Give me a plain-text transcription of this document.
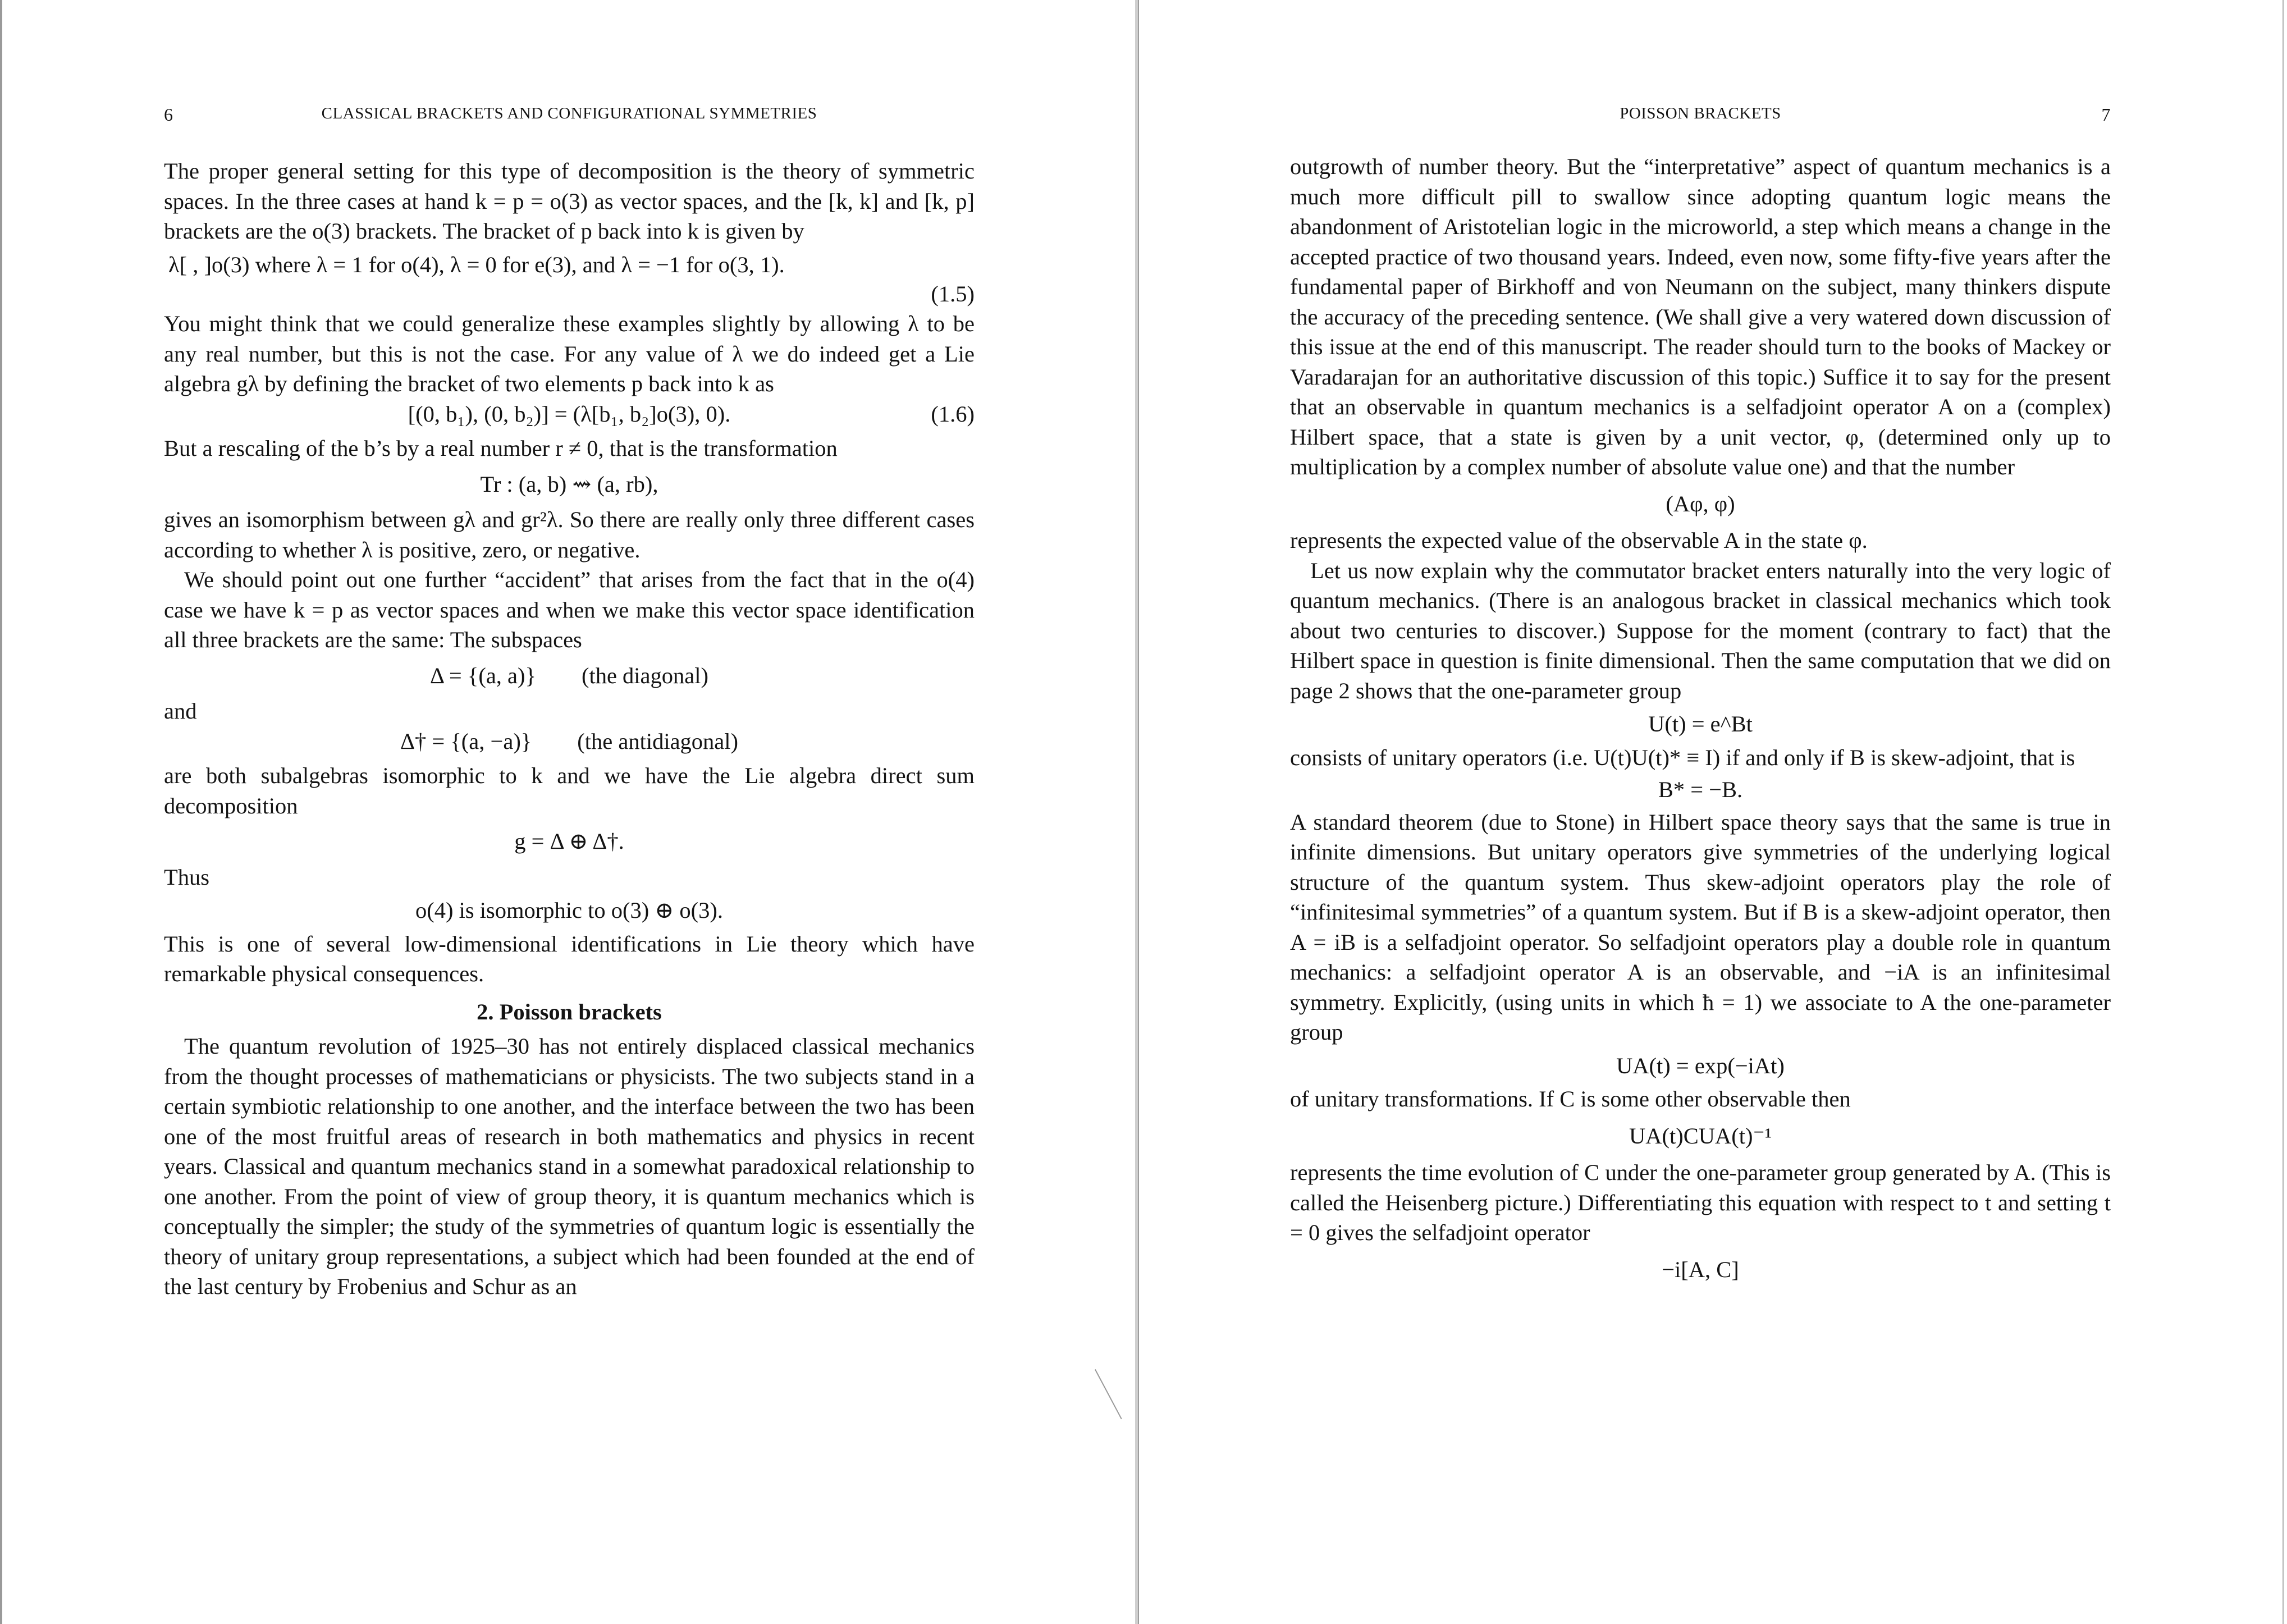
6	CLASSICAL BRACKETS AND CONFIGURATIONAL SYMMETRIES

The proper general setting for this type of decomposition is the theory of symmetric spaces. In the three cases at hand k = p = o(3) as vector spaces, and the [k, k] and [k, p] brackets are the o(3) brackets. The bracket of p back into k is given by

λ[ , ]o(3) where λ = 1 for o(4), λ = 0 for e(3), and λ = −1 for o(3, 1).
(1.5)

You might think that we could generalize these examples slightly by allowing λ to be any real number, but this is not the case. For any value of λ we do indeed get a Lie algebra gλ by defining the bracket of two elements p back into k as

[(0, b₁), (0, b₂)] = (λ[b₁, b₂]o(3), 0).	(1.6)

But a rescaling of the b’s by a real number r ≠ 0, that is the transformation

Tr : (a, b) ⇝ (a, rb),

gives an isomorphism between gλ and gr²λ. So there are really only three different cases according to whether λ is positive, zero, or negative.

We should point out one further “accident” that arises from the fact that in the o(4) case we have k = p as vector spaces and when we make this vector space identification all three brackets are the same: The subspaces

Δ = {(a, a)}        (the diagonal)

and

Δ† = {(a, −a)}        (the antidiagonal)

are both subalgebras isomorphic to k and we have the Lie algebra direct sum decomposition

g = Δ ⊕ Δ†.

Thus

o(4) is isomorphic to o(3) ⊕ o(3).

This is one of several low-dimensional identifications in Lie theory which have remarkable physical consequences.

2. Poisson brackets

The quantum revolution of 1925–30 has not entirely displaced classical mechanics from the thought processes of mathematicians or physicists. The two subjects stand in a certain symbiotic relationship to one another, and the interface between the two has been one of the most fruitful areas of research in both mathematics and physics in recent years. Classical and quantum mechanics stand in a somewhat paradoxical relationship to one another. From the point of view of group theory, it is quantum mechanics which is conceptually the simpler; the study of the symmetries of quantum logic is essentially the theory of unitary group representations, a subject which had been founded at the end of the last century by Frobenius and Schur as an

POISSON BRACKETS	7

outgrowth of number theory. But the “interpretative” aspect of quantum mechanics is a much more difficult pill to swallow since adopting quantum logic means the abandonment of Aristotelian logic in the microworld, a step which means a change in the accepted practice of two thousand years. Indeed, even now, some fifty-five years after the fundamental paper of Birkhoff and von Neumann on the subject, many thinkers dispute the accuracy of the preceding sentence. (We shall give a very watered down discussion of this issue at the end of this manuscript. The reader should turn to the books of Mackey or Varadarajan for an authoritative discussion of this topic.) Suffice it to say for the present that an observable in quantum mechanics is a selfadjoint operator A on a (complex) Hilbert space, that a state is given by a unit vector, φ, (determined only up to multiplication by a complex number of absolute value one) and that the number

(Aφ, φ)

represents the expected value of the observable A in the state φ.

Let us now explain why the commutator bracket enters naturally into the very logic of quantum mechanics. (There is an analogous bracket in classical mechanics which took about two centuries to discover.) Suppose for the moment (contrary to fact) that the Hilbert space in question is finite dimensional. Then the same computation that we did on page 2 shows that the one-parameter group

U(t) = e^Bt

consists of unitary operators (i.e. U(t)U(t)* ≡ I) if and only if B is skew-adjoint, that is

B* = −B.

A standard theorem (due to Stone) in Hilbert space theory says that the same is true in infinite dimensions. But unitary operators give symmetries of the underlying logical structure of the quantum system. Thus skew-adjoint operators play the role of “infinitesimal symmetries” of a quantum system. But if B is a skew-adjoint operator, then A = iB is a selfadjoint operator. So selfadjoint operators play a double role in quantum mechanics: a selfadjoint operator A is an observable, and −iA is an infinitesimal symmetry. Explicitly, (using units in which ħ = 1) we associate to A the one-parameter group

UA(t) = exp(−iAt)

of unitary transformations. If C is some other observable then

UA(t)CUA(t)⁻¹

represents the time evolution of C under the one-parameter group generated by A. (This is called the Heisenberg picture.) Differentiating this equation with respect to t and setting t = 0 gives the selfadjoint operator

−i[A, C]
